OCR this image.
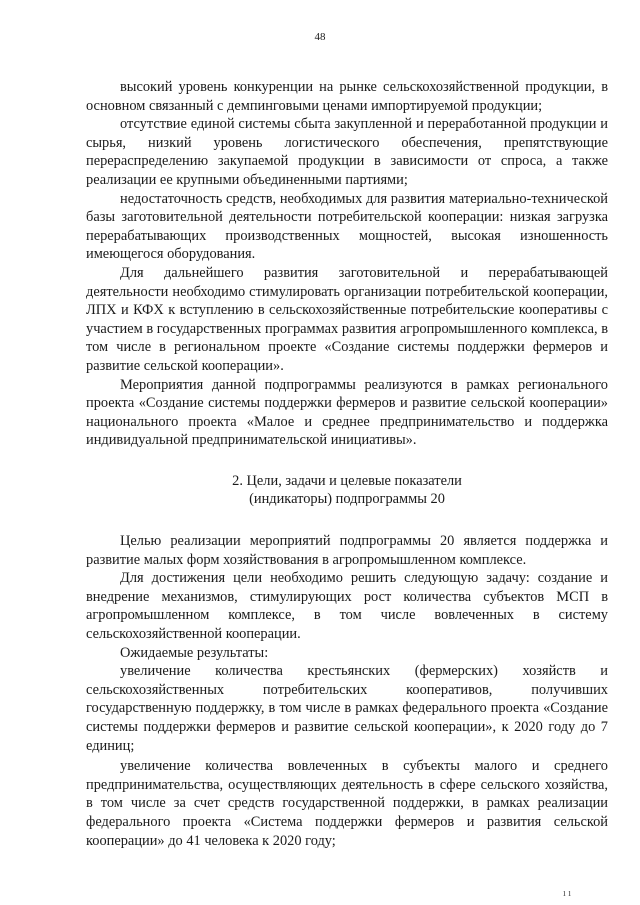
48

высокий уровень конкуренции на рынке сельскохозяйственной продукции, в основном связанный с демпинговыми ценами импортируемой продукции;

отсутствие единой системы сбыта закупленной и переработанной продукции и сырья, низкий уровень логистического обеспечения, препятствующие перераспределению закупаемой продукции в зависимости от спроса, а также реализации ее крупными объединенными партиями;

недостаточность средств, необходимых для развития материально-технической базы заготовительной деятельности потребительской кооперации: низкая загрузка перерабатывающих производственных мощностей, высокая изношенность имеющегося оборудования.

Для дальнейшего развития заготовительной и перерабатывающей деятельности необходимо стимулировать организации потребительской кооперации, ЛПХ и КФХ к вступлению в сельскохозяйственные потребительские кооперативы с участием в государственных программах развития агропромышленного комплекса, в том числе в региональном проекте «Создание системы поддержки фермеров и развитие сельской кооперации».

Мероприятия данной подпрограммы реализуются в рамках регионального проекта «Создание системы поддержки фермеров и развитие сельской кооперации» национального проекта «Малое и среднее предпринимательство и поддержка индивидуальной предпринимательской инициативы».

2. Цели, задачи и целевые показатели
(индикаторы) подпрограммы 20

Целью реализации мероприятий подпрограммы 20 является поддержка и развитие малых форм хозяйствования в агропромышленном комплексе.

Для достижения цели необходимо решить следующую задачу: создание и внедрение механизмов, стимулирующих рост количества субъектов МСП в агропромышленном комплексе, в том числе вовлеченных в систему сельскохозяйственной кооперации.

Ожидаемые результаты:

увеличение количества крестьянских (фермерских) хозяйств и сельскохозяйственных потребительских кооперативов, получивших государственную поддержку, в том числе в рамках федерального проекта «Создание системы поддержки фермеров и развитие сельской кооперации», к 2020 году до 7 единиц;

увеличение количества вовлеченных в субъекты малого и среднего предпринимательства, осуществляющих деятельность в сфере сельского хозяйства, в том числе за счет средств государственной поддержки, в рамках реализации федерального проекта «Система поддержки фермеров и развития сельской кооперации» до 41 человека к 2020 году;

ı ı
